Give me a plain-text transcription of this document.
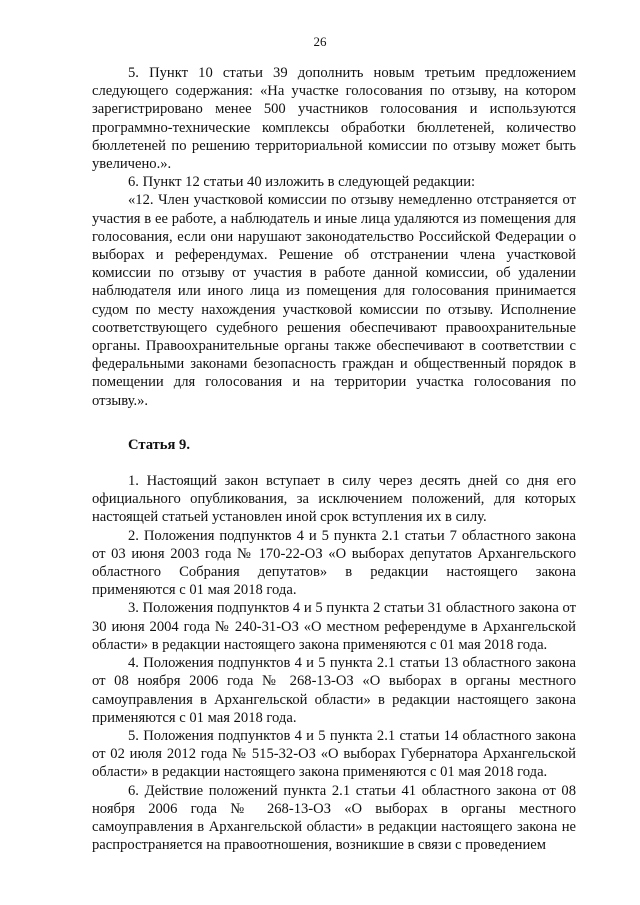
26

5. Пункт 10 статьи 39 дополнить новым третьим предложением следующего содержания: «На участке голосования по отзыву, на котором зарегистрировано менее 500 участников голосования и используются программно-технические комплексы обработки бюллетеней, количество бюллетеней по решению территориальной комиссии по отзыву может быть увеличено.».

6. Пункт 12 статьи 40 изложить в следующей редакции:

«12. Член участковой комиссии по отзыву немедленно отстраняется от участия в ее работе, а наблюдатель и иные лица удаляются из помещения для голосования, если они нарушают законодательство Российской Федерации о выборах и референдумах. Решение об отстранении члена участковой комиссии по отзыву от участия в работе данной комиссии, об удалении наблюдателя или иного лица из помещения для голосования принимается судом по месту нахождения участковой комиссии по отзыву. Исполнение соответствующего судебного решения обеспечивают правоохранительные органы. Правоохранительные органы также обеспечивают в соответствии с федеральными законами безопасность граждан и общественный порядок в помещении для голосования и на территории участка голосования по отзыву.».

Статья 9.

1. Настоящий закон вступает в силу через десять дней со дня его официального опубликования, за исключением положений, для которых настоящей статьей установлен иной срок вступления их в силу.

2. Положения подпунктов 4 и 5 пункта 2.1 статьи 7 областного закона от 03 июня 2003 года № 170-22-ОЗ «О выборах депутатов Архангельского областного Собрания депутатов» в редакции настоящего закона применяются с 01 мая 2018 года.

3. Положения подпунктов 4 и 5 пункта 2 статьи 31 областного закона от 30 июня 2004 года № 240-31-ОЗ «О местном референдуме в Архангельской области» в редакции настоящего закона применяются с 01 мая 2018 года.

4. Положения подпунктов 4 и 5 пункта 2.1 статьи 13 областного закона от 08 ноября 2006 года № 268-13-ОЗ «О выборах в органы местного самоуправления в Архангельской области» в редакции настоящего закона применяются с 01 мая 2018 года.

5. Положения подпунктов 4 и 5 пункта 2.1 статьи 14 областного закона от 02 июля 2012 года № 515-32-ОЗ «О выборах Губернатора Архангельской области» в редакции настоящего закона применяются с 01 мая 2018 года.

6. Действие положений пункта 2.1 статьи 41 областного закона от 08 ноября 2006 года № 268-13-ОЗ «О выборах в органы местного самоуправления в Архангельской области» в редакции настоящего закона не распространяется на правоотношения, возникшие в связи с проведением
